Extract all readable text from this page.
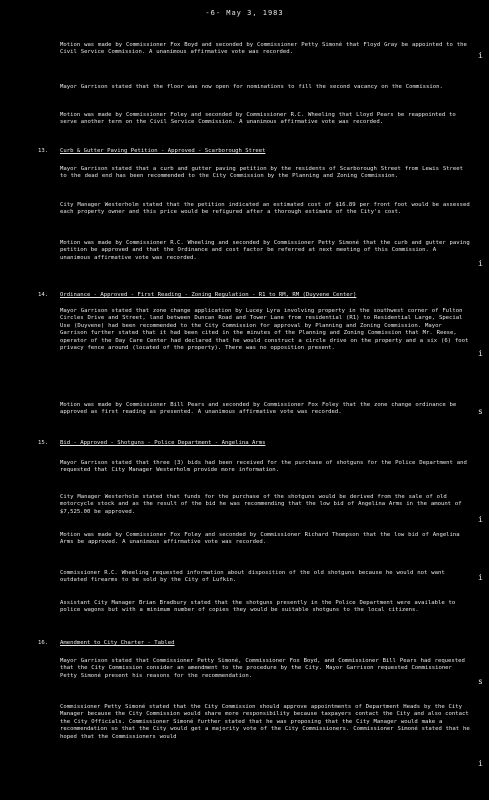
-6- May 3, 1983

Motion was made by Commissioner Fox Boyd and seconded by Commissioner Petty Simoné that Floyd Gray be appointed to the Civil Service Commission. A unanimous affirmative vote was recorded.

Mayor Garrison stated that the floor was now open for nominations to fill the second vacancy on the Commission.

Motion was made by Commissioner Foley and seconded by Commissioner R.C. Wheeling that Lloyd Pears be reappointed to serve another term on the Civil Service Commission. A unanimous affirmative vote was recorded.

13. Curb & Gutter Paving Petition - Approved - Scarborough Street

Mayor Garrison stated that a curb and gutter paving petition by the residents of Scarborough Street from Lewis Street to the dead end has been recommended to the City Commission by the Planning and Zoning Commission.

City Manager Westerholm stated that the petition indicated an estimated cost of $16.89 per front foot would be assessed each property owner and this price would be refigured after a thorough estimate of the City's cost.

Motion was made by Commissioner R.C. Wheeling and seconded by Commissioner Petty Simoné that the curb and gutter paving petition be approved and that the Ordinance and cost factor be referred at next meeting of this Commission. A unanimous affirmative vote was recorded.

14. Ordinance - Approved - First Reading - Zoning Regulation - R1 to RM, RM (Duyvene Center)

Mayor Garrison stated that zone change application by Lucey Lyra involving property in the southwest corner of Fulton Circles Drive and Street, land between Duncan Road and Tower Lane from residential (R1) to Residential Large, Special Use (Duyvene) had been recommended to the City Commission for approval by Planning and Zoning Commission. Mayor Garrison further stated that it had been cited in the minutes of the Planning and Zoning Commission that Mr. Reese, operator of the Day Care Center had declared that he would construct a circle drive on the property and a six (6) foot privacy fence around (located of the property). There was no opposition present.

Motion was made by Commissioner Bill Pears and seconded by Commissioner Fox Foley that the zone change ordinance be approved as first reading as presented. A unanimous affirmative vote was recorded.

15. Bid - Approved - Shotguns - Police Department - Angelina Arms

Mayor Garrison stated that three (3) bids had been received for the purchase of shotguns for the Police Department and requested that City Manager Westerholm provide more information.

City Manager Westerholm stated that funds for the purchase of the shotguns would be derived from the sale of old motorcycle stock and as the result of the bid he was recommending that the low bid of Angelina Arms in the amount of $7,525.00 be approved.

Motion was made by Commissioner Fox Foley and seconded by Commissioner Richard Thompson that the low bid of Angelina Arms be approved. A unanimous affirmative vote was recorded.

Commissioner R.C. Wheeling requested information about disposition of the old shotguns because he would not want outdated firearms to be sold by the City of Lufkin.

Assistant City Manager Brian Bradbury stated that the shotguns presently in the Police Department were available to police wagons but with a minimum number of copies they would be suitable shotguns to the local citizens.

16. Amendment to City Charter - Tabled

Mayor Garrison stated that Commissioner Petty Simoné, Commissioner Fox Boyd, and Commissioner Bill Pears had requested that the City Commission consider an amendment to the procedure by the City. Mayor Garrison requested Commissioner Petty Simoné present his reasons for the recommendation.

Commissioner Petty Simoné stated that the City Commission should approve appointments of Department Heads by the City Manager because the City Commission would share more responsibility because taxpayers contact the City and also contact the City Officials. Commissioner Simoné further stated that he was proposing that the City Manager would make a recommendation so that the City would get a majority vote of the City Commissioners. Commissioner Simoné stated that he hoped that the Commissioners would

i
i
i
s
i
i
s
i
